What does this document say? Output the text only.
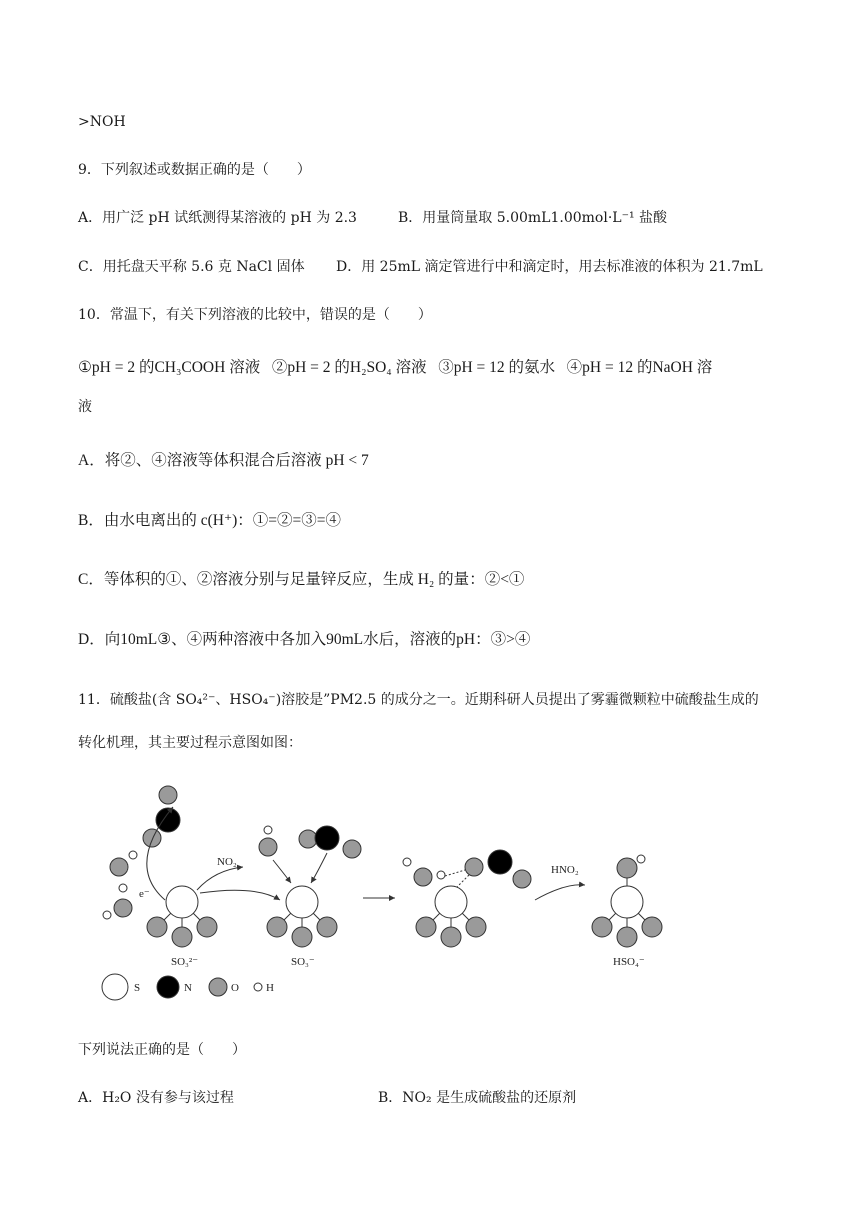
>NOH
9．下列叙述或数据正确的是（　　）
A．用广泛 pH 试纸测得某溶液的 pH 为 2.3	B．用量筒量取 5.00mL1.00mol·L⁻¹ 盐酸
C．用托盘天平称 5.6 克 NaCl 固体 D．用 25mL 滴定管进行中和滴定时，用去标准液的体积为 21.7mL
10．常温下，有关下列溶液的比较中，错误的是（　　）
①pH = 2 的CH₃COOH 溶液 ②pH = 2 的H₂SO₄ 溶液 ③pH = 12 的氨水 ④pH = 12 的NaOH 溶
液
A．将②、④溶液等体积混合后溶液 pH < 7
B．由水电离出的 c(H⁺)：①=②=③=④
C．等体积的①、②溶液分别与足量锌反应，生成 H₂ 的量：②<①
D．向10mL③、④两种溶液中各加入90mL水后，溶液的pH：③>④
11．硫酸盐(含 SO₄²⁻、HSO₄⁻)溶胶是”PM2.5 的成分之一。近期科研人员提出了雾霾微颗粒中硫酸盐生成的
转化机理，其主要过程示意图如图：
e⁻
NO₂
SO₃²⁻	SO₃⁻
HNO₂
HSO₄⁻
S	N	O H
下列说法正确的是（　　）
A．H₂O 没有参与该过程	B．NO₂ 是生成硫酸盐的还原剂
